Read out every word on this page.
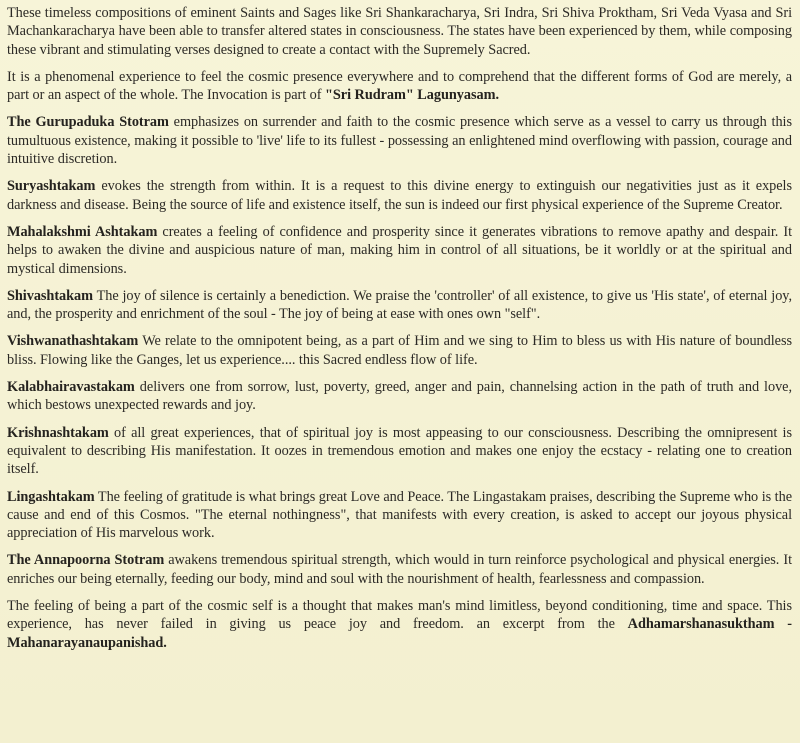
These timeless compositions of eminent Saints and Sages like Sri Shankaracharya, Sri Indra, Sri Shiva Proktham, Sri Veda Vyasa and Sri Machankaracharya have been able to transfer altered states in consciousness. The states have been experienced by them, while composing these vibrant and stimulating verses designed to create a contact with the Supremely Sacred.

It is a phenomenal experience to feel the cosmic presence everywhere and to comprehend that the different forms of God are merely, a part or an aspect of the whole. The Invocation is part of "Sri Rudram" Lagunyasam.

The Gurupaduka Stotram emphasizes on surrender and faith to the cosmic presence which serve as a vessel to carry us through this tumultuous existence, making it possible to 'live' life to its fullest - possessing an enlightened mind overflowing with passion, courage and intuitive discretion.

Suryashtakam evokes the strength from within. It is a request to this divine energy to extinguish our negativities just as it expels darkness and disease. Being the source of life and existence itself, the sun is indeed our first physical experience of the Supreme Creator.

Mahalakshmi Ashtakam creates a feeling of confidence and prosperity since it generates vibrations to remove apathy and despair. It helps to awaken the divine and auspicious nature of man, making him in control of all situations, be it worldly or at the spiritual and mystical dimensions.

Shivashtakam The joy of silence is certainly a benediction. We praise the 'controller' of all existence, to give us 'His state', of eternal joy, and, the prosperity and enrichment of the soul - The joy of being at ease with ones own "self".

Vishwanathashtakam We relate to the omnipotent being, as a part of Him and we sing to Him to bless us with His nature of boundless bliss. Flowing like the Ganges, let us experience.... this Sacred endless flow of life.

Kalabhairavastakam delivers one from sorrow, lust, poverty, greed, anger and pain, channelsing action in the path of truth and love, which bestows unexpected rewards and joy.

Krishnashtakam of all great experiences, that of spiritual joy is most appeasing to our consciousness. Describing the omnipresent is equivalent to describing His manifestation. It oozes in tremendous emotion and makes one enjoy the ecstacy - relating one to creation itself.

Lingashtakam The feeling of gratitude is what brings great Love and Peace. The Lingastakam praises, describing the Supreme who is the cause and end of this Cosmos. "The eternal nothingness", that manifests with every creation, is asked to accept our joyous physical appreciation of His marvelous work.

The Annapoorna Stotram awakens tremendous spiritual strength, which would in turn reinforce psychological and physical energies. It enriches our being eternally, feeding our body, mind and soul with the nourishment of health, fearlessness and compassion.

The feeling of being a part of the cosmic self is a thought that makes man's mind limitless, beyond conditioning, time and space. This experience, has never failed in giving us peace joy and freedom. an excerpt from the Adhamarshanasuktham - Mahanarayanaupanishad.
